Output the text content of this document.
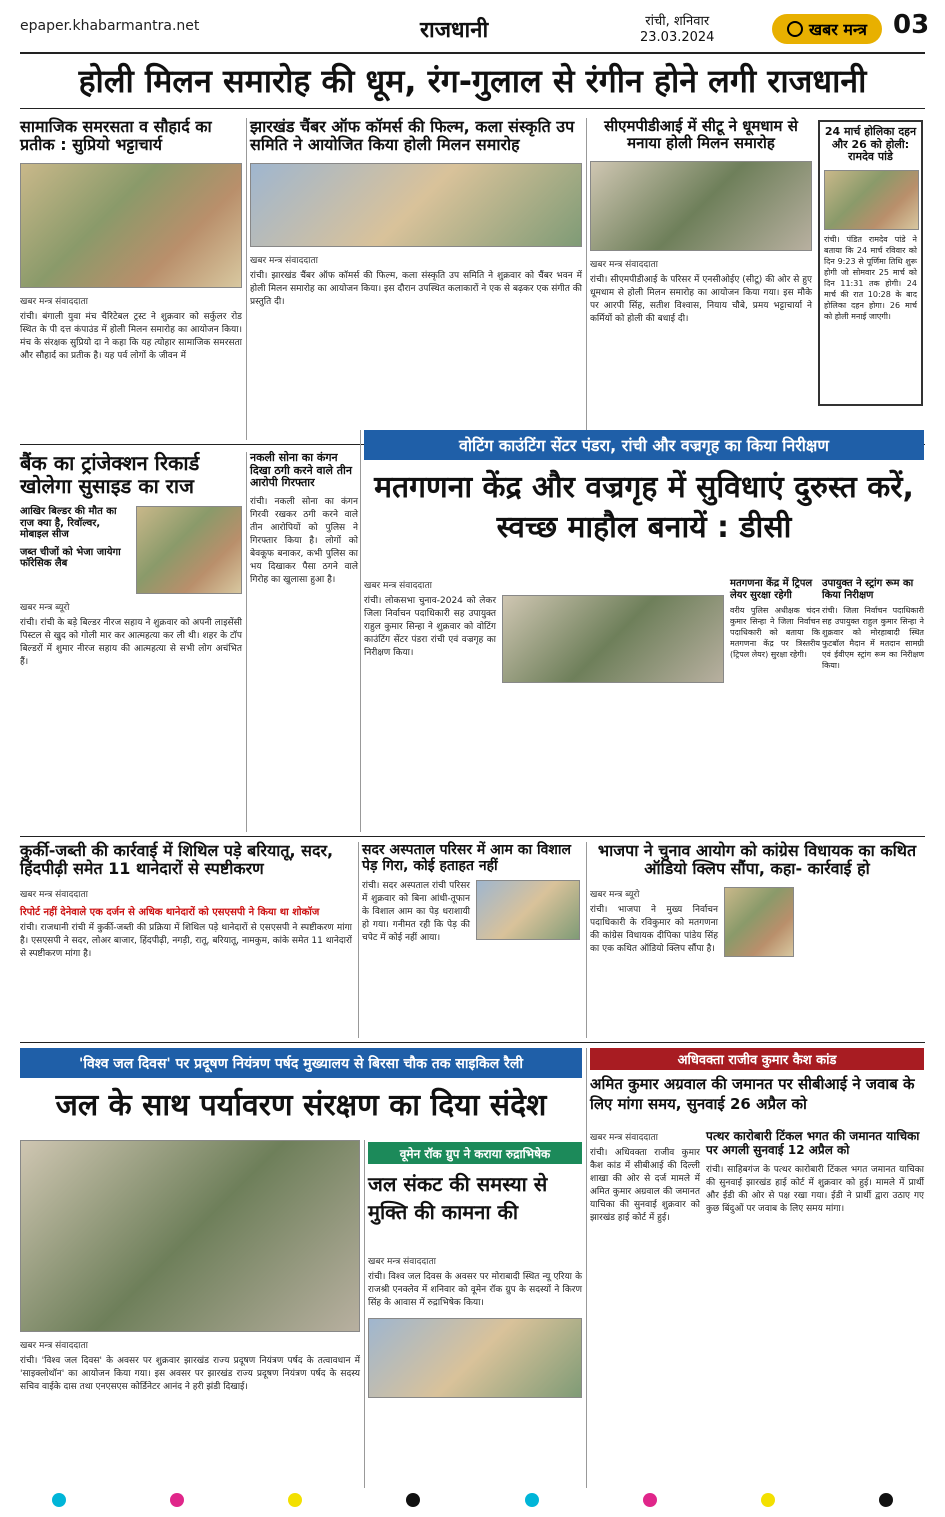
epaper.khabarmantra.net	राजधानी	रांची, शनिवार
23.03.2024	खबर मन्त्र 03
होली मिलन समारोह की धूम, रंग-गुलाल से रंगीन होने लगी राजधानी
सामाजिक समरसता व सौहार्द का प्रतीक : सुप्रियो भट्टाचार्य
खबर मन्त्र संवाददाता
रांची। बंगाली युवा मंच चैरिटेबल ट्रस्ट ने शुक्रवार को सर्कुलर रोड स्थित के पी दत्त कंपाउंड में होली मिलन समारोह का आयोजन किया। मंच के संरक्षक सुप्रियो दा ने कहा कि यह त्योहार सामाजिक समरसता और सौहार्द का प्रतीक है। यह पर्व लोगों के जीवन में
झारखंड चैंबर ऑफ कॉमर्स की फिल्म, कला संस्कृति उप समिति ने आयोजित किया होली मिलन समारोह
खबर मन्त्र संवाददाता
रांची। झारखंड चैंबर ऑफ कॉमर्स की फिल्म, कला संस्कृति उप समिति ने शुक्रवार को चैंबर भवन में होली मिलन समारोह का आयोजन किया। इस दौरान उपस्थित कलाकारों ने एक से बढ़कर एक संगीत की प्रस्तुति दी।
सीएमपीडीआई में सीटू ने धूमधाम से मनाया होली मिलन समारोह
खबर मन्त्र संवाददाता
रांची। सीएमपीडीआई के परिसर में एनसीओईए (सीटू) की ओर से हुए धूमधाम से होली मिलन समारोह का आयोजन किया गया। इस मौके पर आरपी सिंह, सतीश विश्वास, नियाय चौबे, प्रमय भट्टाचार्या ने कर्मियों को होली की बधाई दी।
24 मार्च होलिका दहन और 26 को होली: रामदेव पांडे
रांची। पंडित रामदेव पांडे ने बताया कि 24 मार्च रविवार को दिन 9:23 से पूर्णिमा तिथि शुरू होगी जो सोमवार 25 मार्च को दिन 11:31 तक होगी। 24 मार्च की रात 10:28 के बाद होलिका दहन होगा। 26 मार्च को होली मनाई जाएगी।
बैंक का ट्रांजेक्शन रिकार्ड खोलेगा सुसाइड का राज
आखिर बिल्डर की मौत का राज क्या है, रिवॉल्वर, मोबाइल सीज
जब्त चीजों को भेजा जायेगा फॉरेसिक लैब
खबर मन्त्र ब्यूरो
रांची। रांची के बड़े बिल्डर नीरज सहाय ने शुक्रवार को अपनी लाइसेंसी पिस्टल से खुद को गोली मार कर आत्महत्या कर ली थी। शहर के टॉप बिल्डरों में शुमार नीरज सहाय की आत्महत्या से सभी लोग अचंभित हैं।
नकली सोना का कंगन दिखा ठगी करने वाले तीन आरोपी गिरफ्तार
रांची। नकली सोना का कंगन गिरवी रखकर ठगी करने वाले तीन आरोपियों को पुलिस ने गिरफ्तार किया है। लोगों को बेवकूफ बनाकर, कभी पुलिस का भय दिखाकर पैसा ठगने वाले गिरोह का खुलासा हुआ है।
वोटिंग काउंटिंग सेंटर पंडरा, रांची और वज्रगृह का किया निरीक्षण
मतगणना केंद्र और वज्रगृह में सुविधाएं दुरुस्त करें, स्वच्छ माहौल बनायें : डीसी
खबर मन्त्र संवाददाता
रांची। लोकसभा चुनाव-2024 को लेकर जिला निर्वाचन पदाधिकारी सह उपायुक्त राहुल कुमार सिन्हा ने शुक्रवार को वोटिंग काउंटिंग सेंटर पंडरा रांची एवं वज्रगृह का निरीक्षण किया।
मतगणना केंद्र में ट्रिपल लेयर सुरक्षा रहेगी
वरीय पुलिस अधीक्षक चंदन कुमार सिन्हा ने जिला निर्वाचन पदाधिकारी को बताया कि मतगणना केंद्र पर त्रिस्तरीय (ट्रिपल लेयर) सुरक्षा रहेगी।
उपायुक्त ने स्ट्रांग रूम का किया निरीक्षण
रांची। जिला निर्वाचन पदाधिकारी सह उपायुक्त राहुल कुमार सिन्हा ने शुक्रवार को मोरहाबादी स्थित फुटबॉल मैदान में मतदान सामग्री एवं ईवीएम स्ट्रांग रूम का निरीक्षण किया।
कुर्की-जब्ती की कार्रवाई में शिथिल पड़े बरियातू, सदर, हिंदपीढ़ी समेत 11 थानेदारों से स्पष्टीकरण
खबर मन्त्र संवाददाता
रिपोर्ट नहीं देनेवाले एक दर्जन से अधिक थानेदारों को एसएसपी ने किया था शोकॉज
रांची। राजधानी रांची में कुर्की-जब्ती की प्रक्रिया में शिथिल पड़े थानेदारों से एसएसपी ने स्पष्टीकरण मांगा है। एसएसपी ने सदर, लोअर बाजार, हिंदपीढ़ी, नगड़ी, रातू, बरियातू, नामकुम, कांके समेत 11 थानेदारों से स्पष्टीकरण मांगा है।
सदर अस्पताल परिसर में आम का विशाल पेड़ गिरा, कोई हताहत नहीं
रांची। सदर अस्पताल रांची परिसर में शुक्रवार को बिना आंधी-तूफान के विशाल आम का पेड़ धराशायी हो गया। गनीमत रही कि पेड़ की चपेट में कोई नहीं आया।
भाजपा ने चुनाव आयोग को कांग्रेस विधायक का कथित ऑडियो क्लिप सौंपा, कहा- कार्रवाई हो
खबर मन्त्र ब्यूरो
रांची। भाजपा ने मुख्य निर्वाचन पदाधिकारी के रविकुमार को मतगणना की कांग्रेस विधायक दीपिका पांडेय सिंह का एक कथित ऑडियो क्लिप सौंपा है।
'विश्व जल दिवस' पर प्रदूषण नियंत्रण पर्षद मुख्यालय से बिरसा चौक तक साइकिल रैली
जल के साथ पर्यावरण संरक्षण का दिया संदेश
खबर मन्त्र संवाददाता
रांची। 'विश्व जल दिवस' के अवसर पर शुक्रवार झारखंड राज्य प्रदूषण नियंत्रण पर्षद के तत्वावधान में 'साइक्लोथॉन' का आयोजन किया गया। इस अवसर पर झारखंड राज्य प्रदूषण नियंत्रण पर्षद के सदस्य सचिव वाईके दास तथा एनएसएस कोर्डिनेटर आनंद ने हरी झंडी दिखाई।
वूमेन रॉक ग्रुप ने कराया रुद्राभिषेक
जल संकट की समस्या से मुक्ति की कामना की
खबर मन्त्र संवाददाता
रांची। विश्व जल दिवस के अवसर पर मोराबादी स्थित न्यू एरिया के राजश्री एनक्लेव में शनिवार को वूमेन रॉक ग्रुप के सदस्यों ने किरण सिंह के आवास में रुद्राभिषेक किया।
अधिवक्ता राजीव कुमार कैश कांड
अमित कुमार अग्रवाल की जमानत पर सीबीआई ने जवाब के लिए मांगा समय, सुनवाई 26 अप्रैल को
खबर मन्त्र संवाददाता
रांची। अधिवक्ता राजीव कुमार कैश कांड में सीबीआई की दिल्ली शाखा की ओर से दर्ज मामले में अमित कुमार अग्रवाल की जमानत याचिका की सुनवाई शुक्रवार को झारखंड हाई कोर्ट में हुई।
पत्थर कारोबारी टिंकल भगत की जमानत याचिका पर अगली सुनवाई 12 अप्रैल को
रांची। साहिबगंज के पत्थर कारोबारी टिंकल भगत जमानत याचिका की सुनवाई झारखंड हाई कोर्ट में शुक्रवार को हुई। मामले में प्रार्थी और ईडी की ओर से पक्ष रखा गया। ईडी ने प्रार्थी द्वारा उठाए गए कुछ बिंदुओं पर जवाब के लिए समय मांगा।
